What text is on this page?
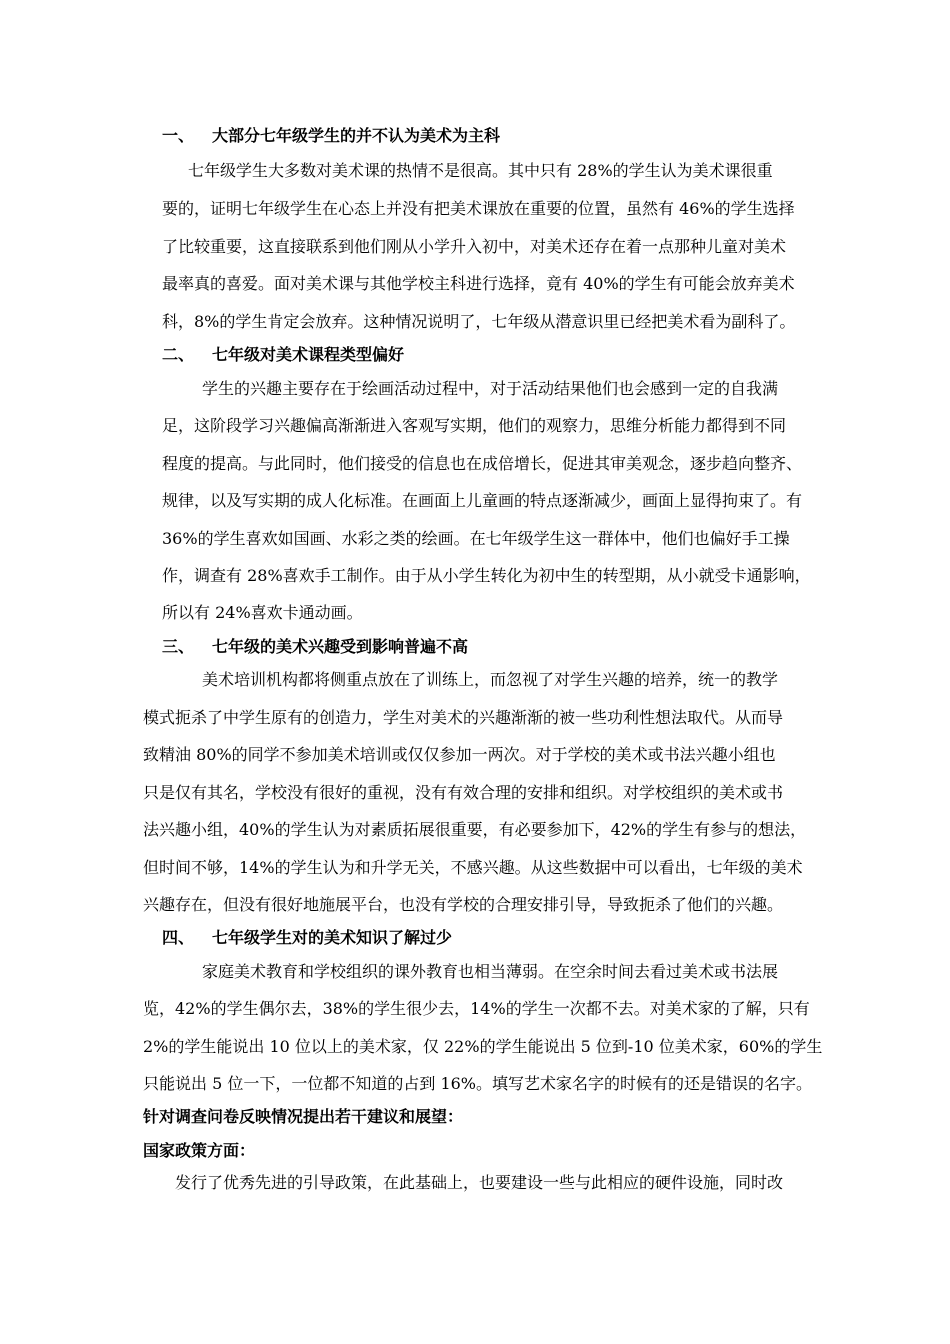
一、 大部分七年级学生的并不认为美术为主科
七年级学生大多数对美术课的热情不是很高。其中只有 28%的学生认为美术课很重
要的，证明七年级学生在心态上并没有把美术课放在重要的位置，虽然有 46%的学生选择
了比较重要，这直接联系到他们刚从小学升入初中，对美术还存在着一点那种儿童对美术
最率真的喜爱。面对美术课与其他学校主科进行选择，竟有 40%的学生有可能会放弃美术
科，8%的学生肯定会放弃。这种情况说明了，七年级从潜意识里已经把美术看为副科了。
二、 七年级对美术课程类型偏好
学生的兴趣主要存在于绘画活动过程中，对于活动结果他们也会感到一定的自我满
足，这阶段学习兴趣偏高渐渐进入客观写实期，他们的观察力，思维分析能力都得到不同
程度的提高。与此同时，他们接受的信息也在成倍增长，促进其审美观念，逐步趋向整齐、
规律，以及写实期的成人化标准。在画面上儿童画的特点逐渐减少，画面上显得拘束了。有
36%的学生喜欢如国画、水彩之类的绘画。在七年级学生这一群体中，他们也偏好手工操
作，调查有 28%喜欢手工制作。由于从小学生转化为初中生的转型期，从小就受卡通影响，
所以有 24%喜欢卡通动画。
三、 七年级的美术兴趣受到影响普遍不高
美术培训机构都将侧重点放在了训练上，而忽视了对学生兴趣的培养，统一的教学
模式扼杀了中学生原有的创造力，学生对美术的兴趣渐渐的被一些功利性想法取代。从而导
致精油 80%的同学不参加美术培训或仅仅参加一两次。对于学校的美术或书法兴趣小组也
只是仅有其名，学校没有很好的重视，没有有效合理的安排和组织。对学校组织的美术或书
法兴趣小组，40%的学生认为对素质拓展很重要，有必要参加下，42%的学生有参与的想法，
但时间不够，14%的学生认为和升学无关，不感兴趣。从这些数据中可以看出，七年级的美术
兴趣存在，但没有很好地施展平台，也没有学校的合理安排引导，导致扼杀了他们的兴趣。
四、 七年级学生对的美术知识了解过少
家庭美术教育和学校组织的课外教育也相当薄弱。在空余时间去看过美术或书法展
览，42%的学生偶尔去，38%的学生很少去，14%的学生一次都不去。对美术家的了解，只有
2%的学生能说出 10 位以上的美术家，仅 22%的学生能说出 5 位到-10 位美术家，60%的学生
只能说出 5 位一下，一位都不知道的占到 16%。填写艺术家名字的时候有的还是错误的名字。
针对调查问卷反映情况提出若干建议和展望：
国家政策方面：
发行了优秀先进的引导政策，在此基础上，也要建设一些与此相应的硬件设施，同时改
